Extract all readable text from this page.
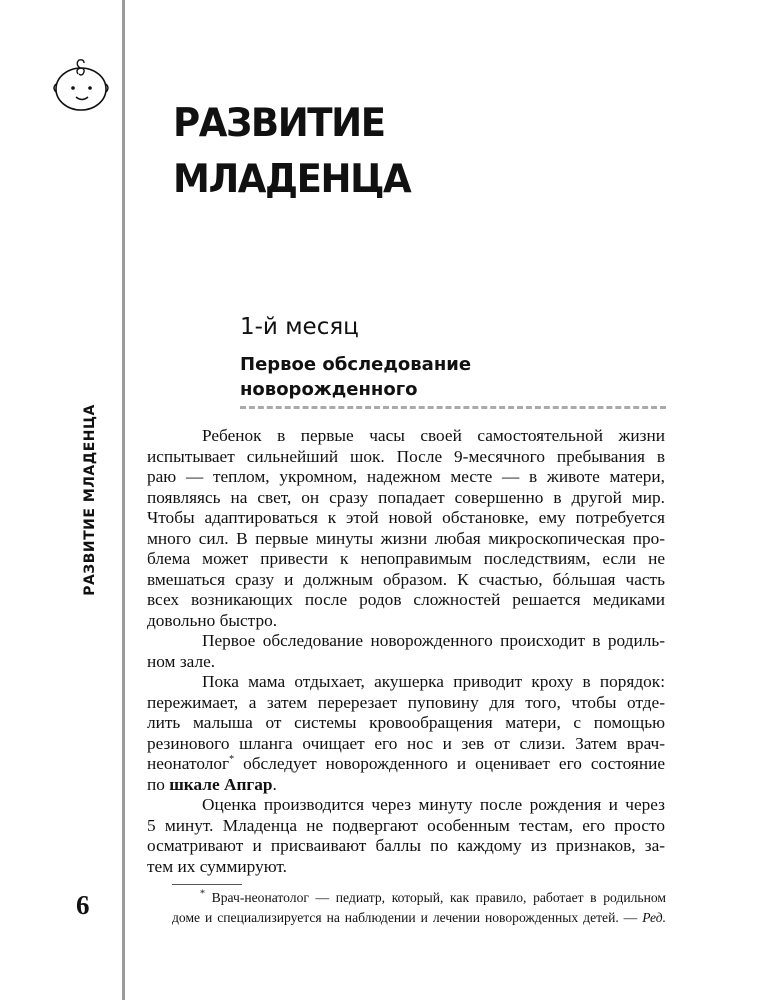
РАЗВИТИЕ
МЛАДЕНЦА
РАЗВИТИЕ МЛАДЕНЦА
6
1-й месяц
Первое обследование
новорожденного
Ребенок в первые часы своей самостоятельной жизни
испытывает сильнейший шок. После 9-месячного пребывания в
раю — теплом, укромном, надежном месте — в животе матери,
появляясь на свет, он сразу попадает совершенно в другой мир.
Чтобы адаптироваться к этой новой обстановке, ему потребуется
много сил. В первые минуты жизни любая микроскопическая про-
блема может привести к непоправимым последствиям, если не
вмешаться сразу и должным образом. К счастью, бóльшая часть
всех возникающих после родов сложностей решается медиками
довольно быстро.
Первое обследование новорожденного происходит в родиль-
ном зале.
Пока мама отдыхает, акушерка приводит кроху в порядок:
пережимает, а затем перерезает пуповину для того, чтобы отде-
лить малыша от системы кровообращения матери, с помощью
резинового шланга очищает его нос и зев от слизи. Затем врач-
неонатолог* обследует новорожденного и оценивает его состояние
по шкале Апгар.
Оценка производится через минуту после рождения и через
5 минут. Младенца не подвергают особенным тестам, его просто
осматривают и присваивают баллы по каждому из признаков, за-
тем их суммируют.
* Врач-неонатолог — педиатр, который, как правило, работает в родильном
доме и специализируется на наблюдении и лечении новорожденных детей. — Ред.
